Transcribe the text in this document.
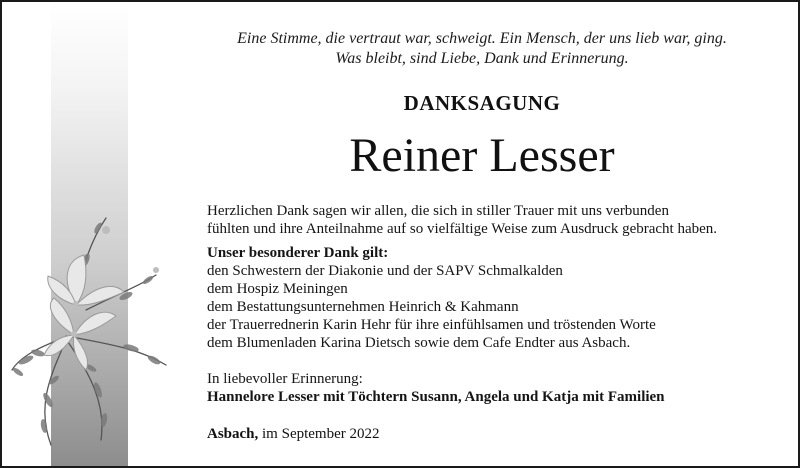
Eine Stimme, die vertraut war, schweigt. Ein Mensch, der uns lieb war, ging.
Was bleibt, sind Liebe, Dank und Erinnerung.
DANKSAGUNG
Reiner Lesser
Herzlichen Dank sagen wir allen, die sich in stiller Trauer mit uns verbunden
fühlten und ihre Anteilnahme auf so vielfältige Weise zum Ausdruck gebracht haben.
Unser besonderer Dank gilt:
den Schwestern der Diakonie und der SAPV Schmalkalden
dem Hospiz Meiningen
dem Bestattungsunternehmen Heinrich & Kahmann
der Trauerrednerin Karin Hehr für ihre einfühlsamen und tröstenden Worte
dem Blumenladen Karina Dietsch sowie dem Cafe Endter aus Asbach.
In liebevoller Erinnerung:
Hannelore Lesser mit Töchtern Susann, Angela und Katja mit Familien
Asbach, im September 2022
